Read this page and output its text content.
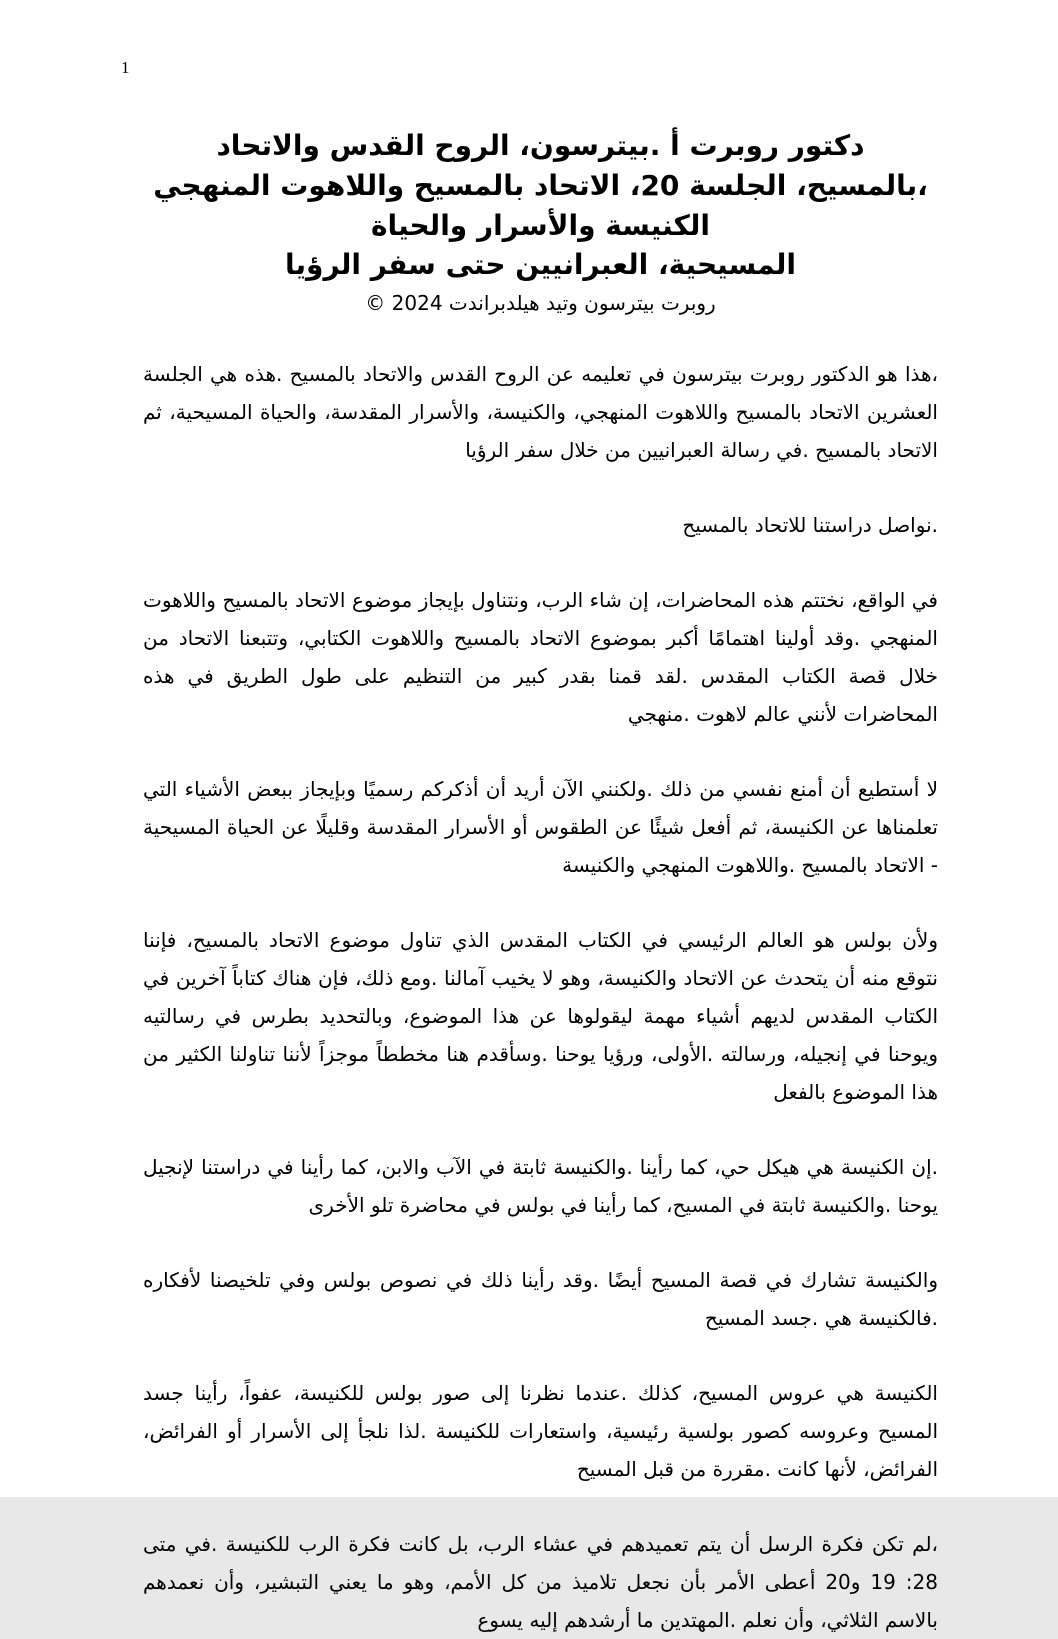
1
دكتور روبرت أ .بيترسون، الروح القدس والاتحاد
،بالمسيح، الجلسة 20، الاتحاد بالمسيح واللاهوت المنهجي
الكنيسة والأسرار والحياة
المسيحية، العبرانيين حتى سفر الرؤيا
روبرت بيترسون وتيد هيلدبراندت 2024 ©

،هذا هو الدكتور روبرت بيترسون في تعليمه عن الروح القدس والاتحاد بالمسيح .هذه هي الجلسة العشرين الاتحاد بالمسيح واللاهوت المنهجي، والكنيسة، والأسرار المقدسة، والحياة المسيحية، ثم الاتحاد بالمسيح .في رسالة العبرانيين من خلال سفر الرؤيا

.نواصل دراستنا للاتحاد بالمسيح

في الواقع، نختتم هذه المحاضرات، إن شاء الرب، ونتناول بإيجاز موضوع الاتحاد بالمسيح واللاهوت المنهجي .وقد أولينا اهتمامًا أكبر بموضوع الاتحاد بالمسيح واللاهوت الكتابي، وتتبعنا الاتحاد من خلال قصة الكتاب المقدس .لقد قمنا بقدر كبير من التنظيم على طول الطريق في هذه المحاضرات لأنني عالم لاهوت .منهجي

لا أستطيع أن أمنع نفسي من ذلك .ولكنني الآن أريد أن أذكركم رسميًا وبإيجاز ببعض الأشياء التي تعلمناها عن الكنيسة، ثم أفعل شيئًا عن الطقوس أو الأسرار المقدسة وقليلًا عن الحياة المسيحية - الاتحاد بالمسيح .واللاهوت المنهجي والكنيسة

ولأن بولس هو العالم الرئيسي في الكتاب المقدس الذي تناول موضوع الاتحاد بالمسيح، فإننا نتوقع منه أن يتحدث عن الاتحاد والكنيسة، وهو لا يخيب آمالنا .ومع ذلك، فإن هناك كتاباً آخرين في الكتاب المقدس لديهم أشياء مهمة ليقولوها عن هذا الموضوع، وبالتحديد بطرس في رسالتيه ويوحنا في إنجيله، ورسالته .الأولى، ورؤيا يوحنا .وسأقدم هنا مخططاً موجزاً لأننا تناولنا الكثير من هذا الموضوع بالفعل

.إن الكنيسة هي هيكل حي، كما رأينا .والكنيسة ثابتة في الآب والابن، كما رأينا في دراستنا لإنجيل يوحنا .والكنيسة ثابتة في المسيح، كما رأينا في بولس في محاضرة تلو الأخرى

والكنيسة تشارك في قصة المسيح أيضًا .وقد رأينا ذلك في نصوص بولس وفي تلخيصنا لأفكاره .فالكنيسة هي .جسد المسيح

الكنيسة هي عروس المسيح، كذلك .عندما نظرنا إلى صور بولس للكنيسة، عفواً، رأينا جسد المسيح وعروسه كصور بولسية رئيسية، واستعارات للكنيسة .لذا نلجأ إلى الأسرار أو الفرائض، الفرائض، لأنها كانت .مقررة من قبل المسيح

،لم تكن فكرة الرسل أن يتم تعميدهم في عشاء الرب، بل كانت فكرة الرب للكنيسة .في متى 28: 19 و20 أعطى الأمر بأن نجعل تلاميذ من كل الأمم، وهو ما يعني التبشير، وأن نعمدهم بالاسم الثلاثي، وأن نعلم .المهتدين ما أرشدهم إليه يسوع
